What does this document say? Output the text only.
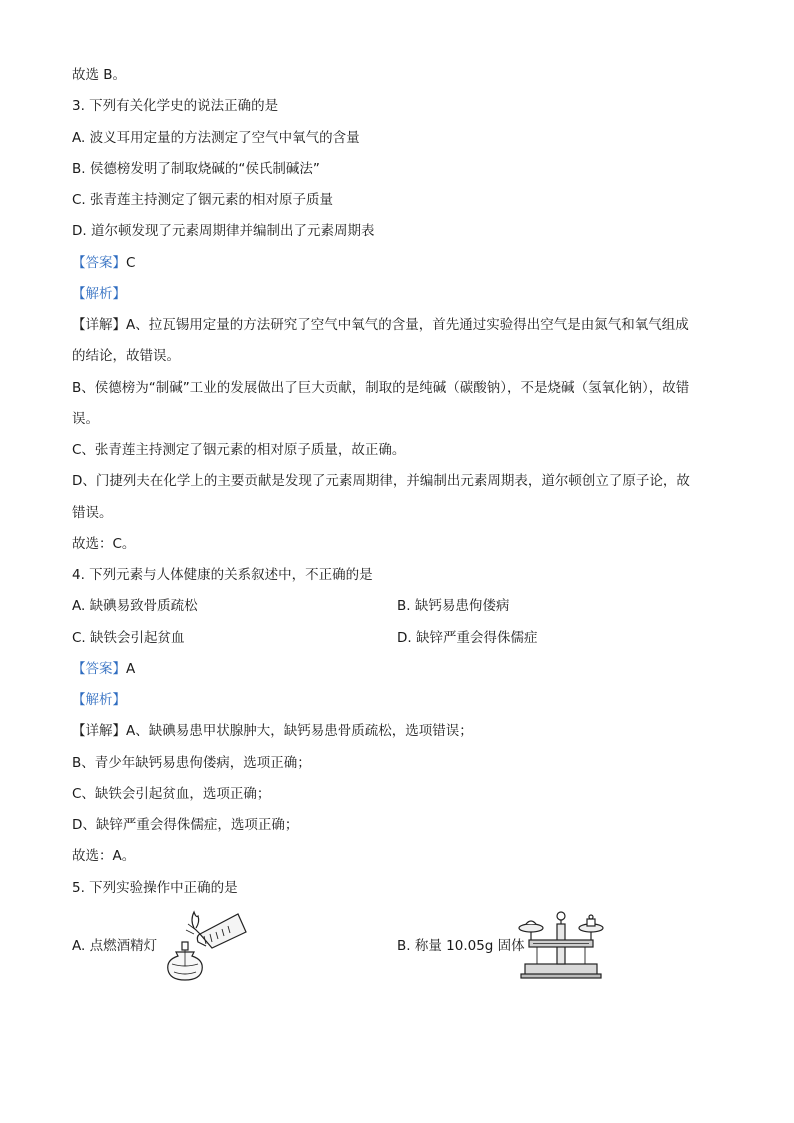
故选 B。
3. 下列有关化学史的说法正确的是
A. 波义耳用定量的方法测定了空气中氧气的含量
B. 侯德榜发明了制取烧碱的“侯氏制碱法”
C. 张青莲主持测定了铟元素的相对原子质量
D. 道尔顿发现了元素周期律并编制出了元素周期表
【答案】C
【解析】
【详解】A、拉瓦锡用定量的方法研究了空气中氧气的含量，首先通过实验得出空气是由氮气和氧气组成
的结论，故错误。
B、侯德榜为“制碱”工业的发展做出了巨大贡献，制取的是纯碱（碳酸钠），不是烧碱（氢氧化钠），故错
误。
C、张青莲主持测定了铟元素的相对原子质量，故正确。
D、门捷列夫在化学上的主要贡献是发现了元素周期律，并编制出元素周期表，道尔顿创立了原子论，故
错误。
故选：C。
4. 下列元素与人体健康的关系叙述中，不正确的是
A. 缺碘易致骨质疏松	B. 缺钙易患佝偻病
C. 缺铁会引起贫血	D. 缺锌严重会得侏儒症
【答案】A
【解析】
【详解】A、缺碘易患甲状腺肿大，缺钙易患骨质疏松，选项错误；
B、青少年缺钙易患佝偻病，选项正确；
C、缺铁会引起贫血，选项正确；
D、缺锌严重会得侏儒症，选项正确；
故选：A。
5. 下列实验操作中正确的是
A. 点燃酒精灯	B. 称量 10.05g 固体
